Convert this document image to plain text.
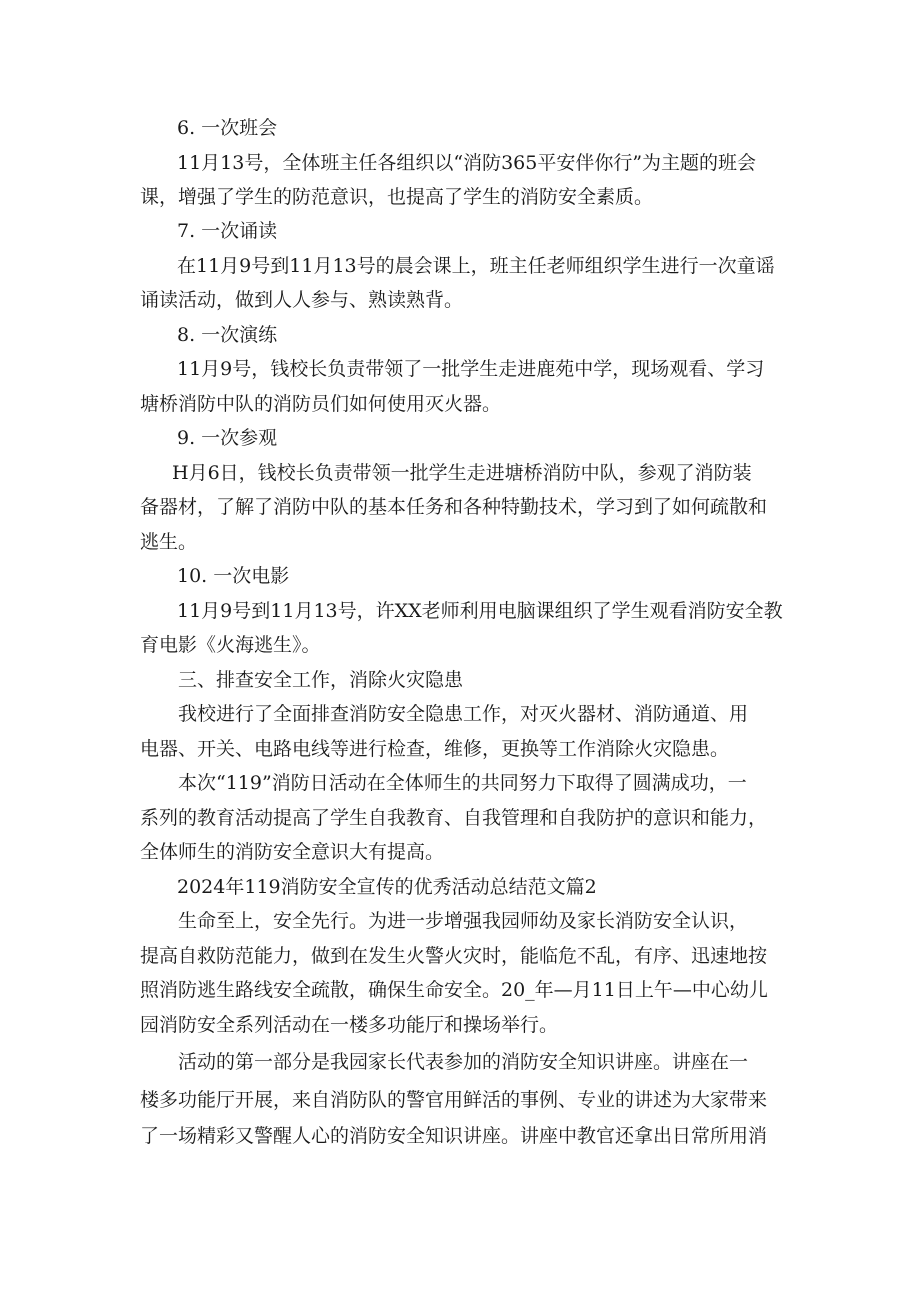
6. 一次班会
11月13号，全体班主任各组织以“消防365平安伴你行”为主题的班会
课，增强了学生的防范意识，也提高了学生的消防安全素质。
7. 一次诵读
在11月9号到11月13号的晨会课上，班主任老师组织学生进行一次童谣
诵读活动，做到人人参与、熟读熟背。
8. 一次演练
11月9号，钱校长负责带领了一批学生走进鹿苑中学，现场观看、学习
塘桥消防中队的消防员们如何使用灭火器。
9. 一次参观
H月6日，钱校长负责带领一批学生走进塘桥消防中队，参观了消防装
备器材，了解了消防中队的基本任务和各种特勤技术，学习到了如何疏散和
逃生。
10. 一次电影
11月9号到11月13号，许XX老师利用电脑课组织了学生观看消防安全教
育电影《火海逃生》。
三、排查安全工作，消除火灾隐患
我校进行了全面排查消防安全隐患工作，对灭火器材、消防通道、用
电器、开关、电路电线等进行检查，维修，更换等工作消除火灾隐患。
本次“119”消防日活动在全体师生的共同努力下取得了圆满成功，一
系列的教育活动提高了学生自我教育、自我管理和自我防护的意识和能力，
全体师生的消防安全意识大有提高。
2024年119消防安全宣传的优秀活动总结范文篇2
生命至上，安全先行。为进一步增强我园师幼及家长消防安全认识，
提高自救防范能力，做到在发生火警火灾时，能临危不乱，有序、迅速地按
照消防逃生路线安全疏散，确保生命安全。20_年—月11日上午—中心幼儿
园消防安全系列活动在一楼多功能厅和操场举行。
活动的第一部分是我园家长代表参加的消防安全知识讲座。讲座在一
楼多功能厅开展，来自消防队的警官用鲜活的事例、专业的讲述为大家带来
了一场精彩又警醒人心的消防安全知识讲座。讲座中教官还拿出日常所用消
